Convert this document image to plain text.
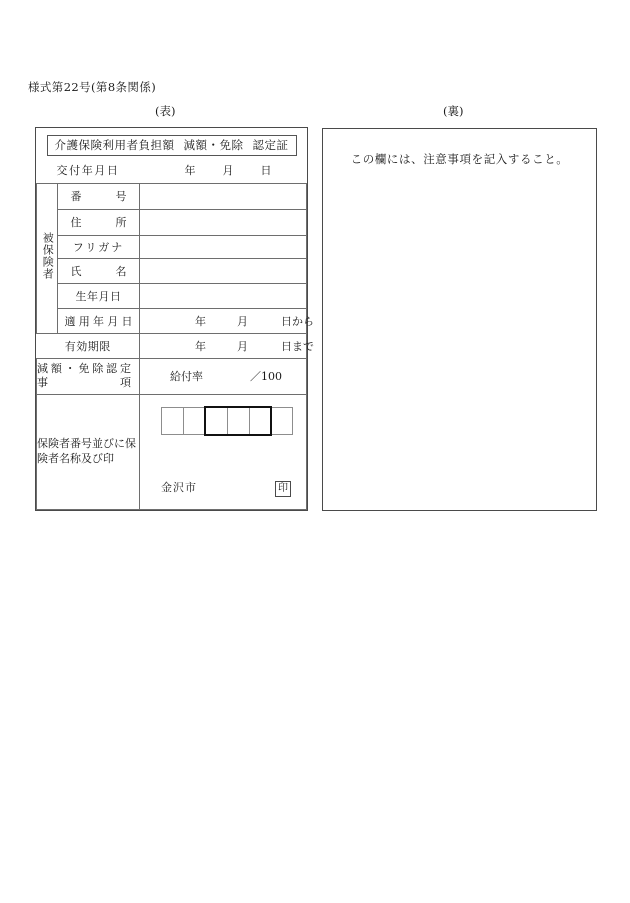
様式第22号(第8条関係)
(表)	(裏)
介護保険利用者負担額 減額・免除 認定証		

交付年月日 年 月 日		

被保険者	番号	
	住所	
	フリガナ	
	氏名	
	生年月日	
	適用年月日	年 月 日から

有効期限		年 月 日まで

減額・免除認定
事項		給付率 ／100

保険者番号並びに保険者名称及び印		金沢市 印
この欄には、注意事項を記入すること。
